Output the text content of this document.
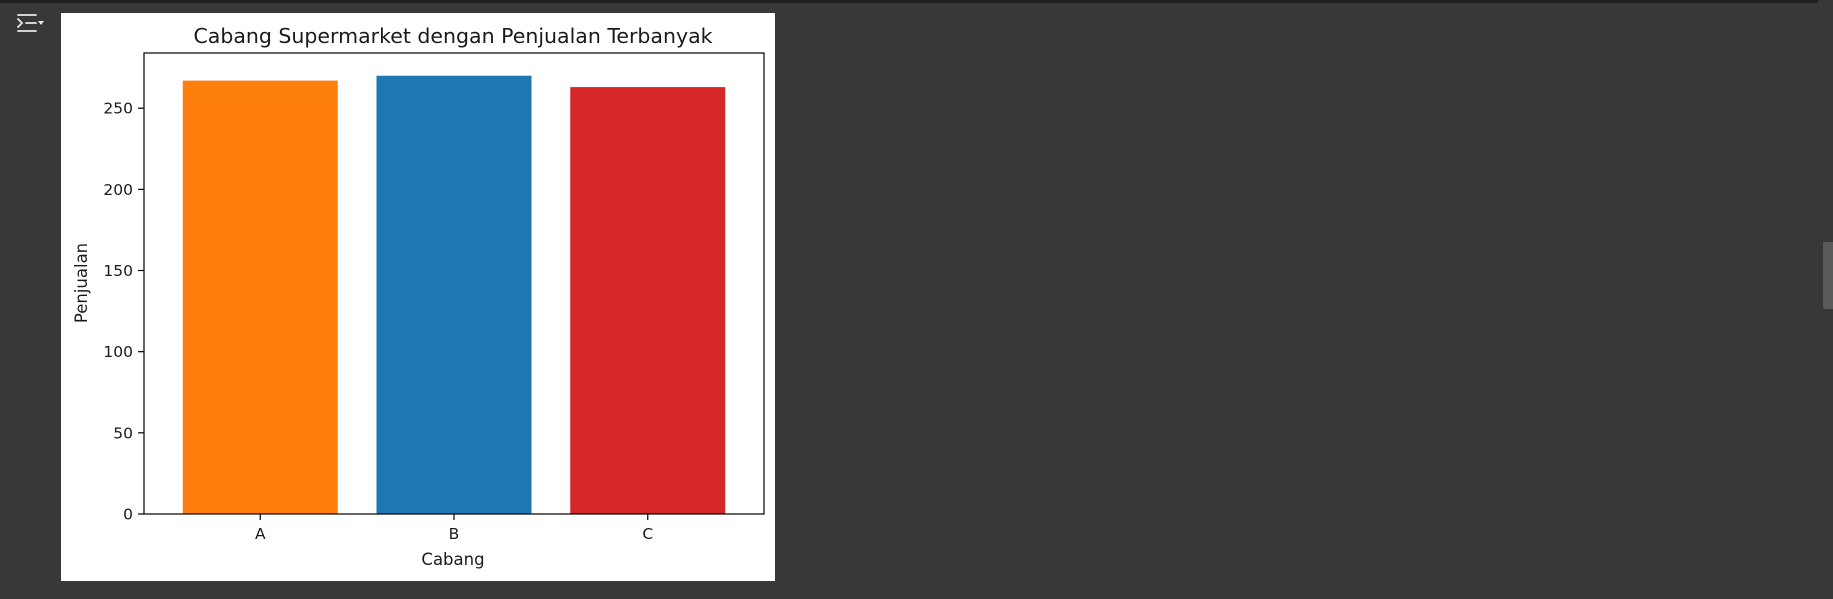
Cabang Supermarket dengan Penjualan Terbanyak
0
50
100
150
200
250
A	B	C
Cabang
Penjualan
